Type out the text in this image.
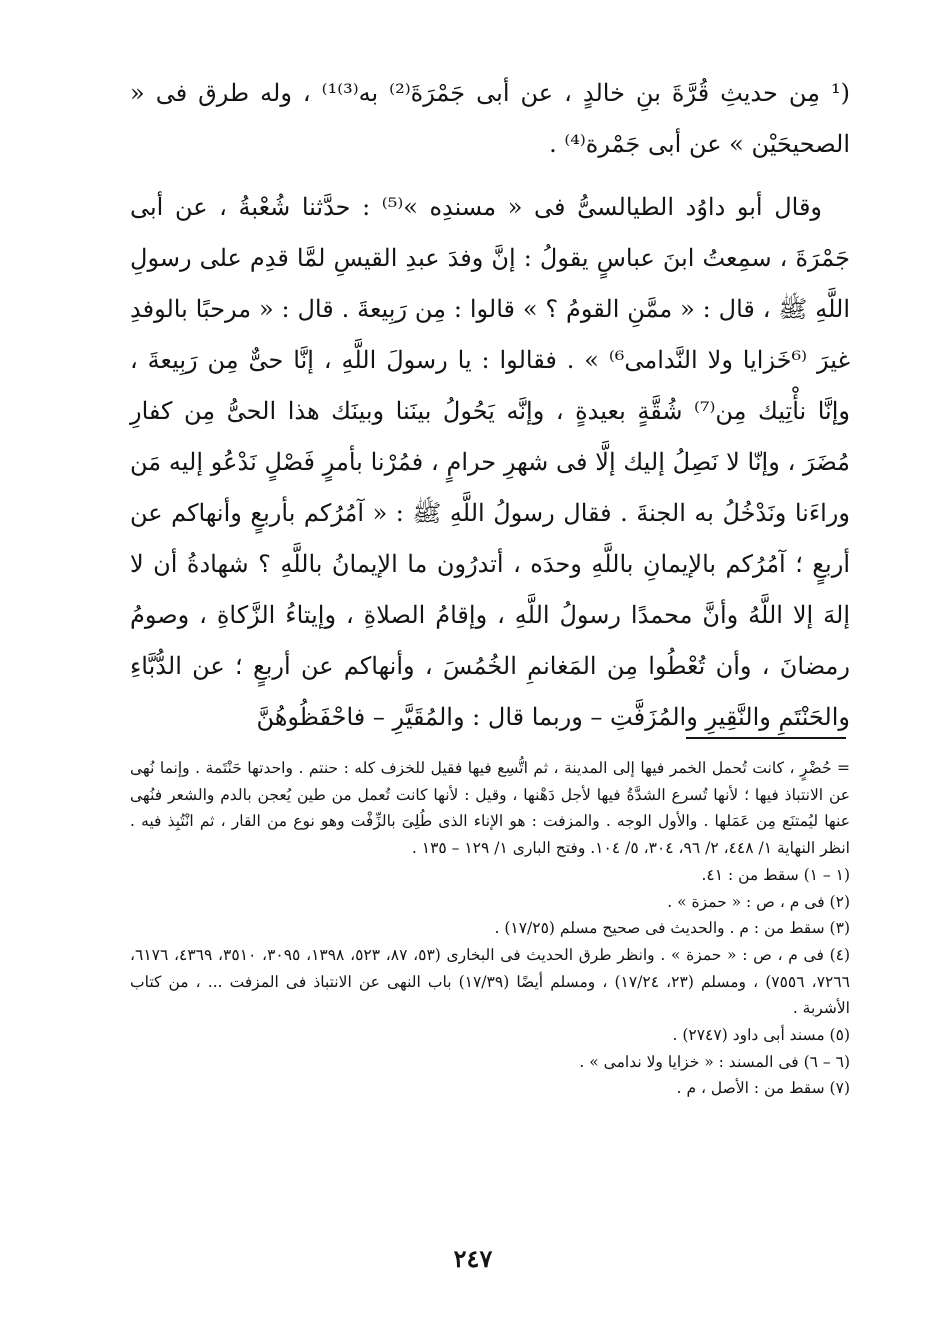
(¹ مِن حديثِ قُرَّةَ بنِ خالدٍ ، عن أبى جَمْرَةَ⁽²⁾ به⁽³⁾¹⁾ ، وله طرق فى « الصحيحَيْن » عن أبى جَمْرة⁽⁴⁾ .

وقال أبو داوُد الطيالسىُّ فى « مسندِه »⁽⁵⁾ : حدَّثنا شُعْبةُ ، عن أبى جَمْرَةَ ، سمِعتُ ابنَ عباسٍ يقولُ : إنَّ وفدَ عبدِ القيسِ لمَّا قدِم على رسولِ اللَّهِ ﷺ ، قال : « ممَّنِ القومُ ؟ » قالوا : مِن رَبِيعةَ . قال : « مرحبًا بالوفدِ غيرَ ⁽⁶خَزايا ولا النَّدامى⁶⁾ » . فقالوا : يا رسولَ اللَّهِ ، إنَّا حىٌّ مِن رَبِيعةَ ، وإنَّا نأْتِيك مِن⁽⁷⁾ شُقَّةٍ بعيدةٍ ، وإنَّه يَحُولُ بينَنا وبينَك هذا الحىُّ مِن كفارِ مُضَرَ ، وإنّا لا نَصِلُ إليك إلَّا فى شهرِ حرامٍ ، فمُرْنا بأمرٍ فَصْلٍ نَدْعُو إليه مَن وراءَنا ونَدْخُلُ به الجنةَ . فقال رسولُ اللَّهِ ﷺ : « آمُرُكم بأربعٍ وأنهاكم عن أربعٍ ؛ آمُرُكم بالإيمانِ باللَّهِ وحدَه ، أتدرُون ما الإيمانُ باللَّهِ ؟ شهادةُ أن لا إلهَ إلا اللَّهُ وأنَّ محمدًا رسولُ اللَّهِ ، وإقامُ الصلاةِ ، وإيتاءُ الزَّكاةِ ، وصومُ رمضانَ ، وأن تُعْطُوا مِن المَغانمِ الخُمُسَ ، وأنهاكم عن أربعٍ ؛ عن الدُّبَّاءِ والحَنْتَمِ والنَّقِيرِ والمُزَفَّتِ – وربما قال : والمُقَيَّرِ – فاحْفَظُوهُنَّ

= حُضْرٍ ، كانت تُحمل الخمر فيها إلى المدينة ، ثم اتُّسِع فيها فقيل للخزف كله : حنتم . واحدتها حَنْتَمة . وإنما نُهى عن الانتباذ فيها ؛ لأنها تُسرع الشدَّةُ فيها لأجل دَهْنها ، وقيل : لأنها كانت تُعمل من طين يُعجن بالدم والشعر فنُهى عنها ليُمتنَع مِن عَمَلها . والأول الوجه . والمزفت : هو الإناء الذى طُلِىَ بالزِّفْت وهو نوع من القار ، ثم انْتُبِذ فيه . انظر النهاية ١/ ٤٤٨، ٢/ ٩٦، ٣٠٤، ٥/ ١٠٤. وفتح البارى ١/ ١٢٩ – ١٣٥ .
(١ – ١) سقط من : ٤١.
(٢) فى م ، ص : « حمزة » .
(٣) سقط من : م . والحديث فى صحيح مسلم (١٧/٢٥) .
(٤) فى م ، ص : « حمزة » . وانظر طرق الحديث فى البخارى (٥٣، ٨٧، ٥٢٣، ١٣٩٨، ٣٠٩٥، ٣٥١٠، ٤٣٦٩، ٦١٧٦، ٧٢٦٦، ٧٥٥٦) ، ومسلم (٢٣، ١٧/٢٤) ، ومسلم أيضًا (١٧/٣٩) باب النهى عن الانتباذ فى المزفت ... ، من كتاب الأشربة .
(٥) مسند أبى داود (٢٧٤٧) .
(٦ – ٦) فى المسند : « خزايا ولا ندامى » .
(٧) سقط من : الأصل ، م .
٢٤٧
